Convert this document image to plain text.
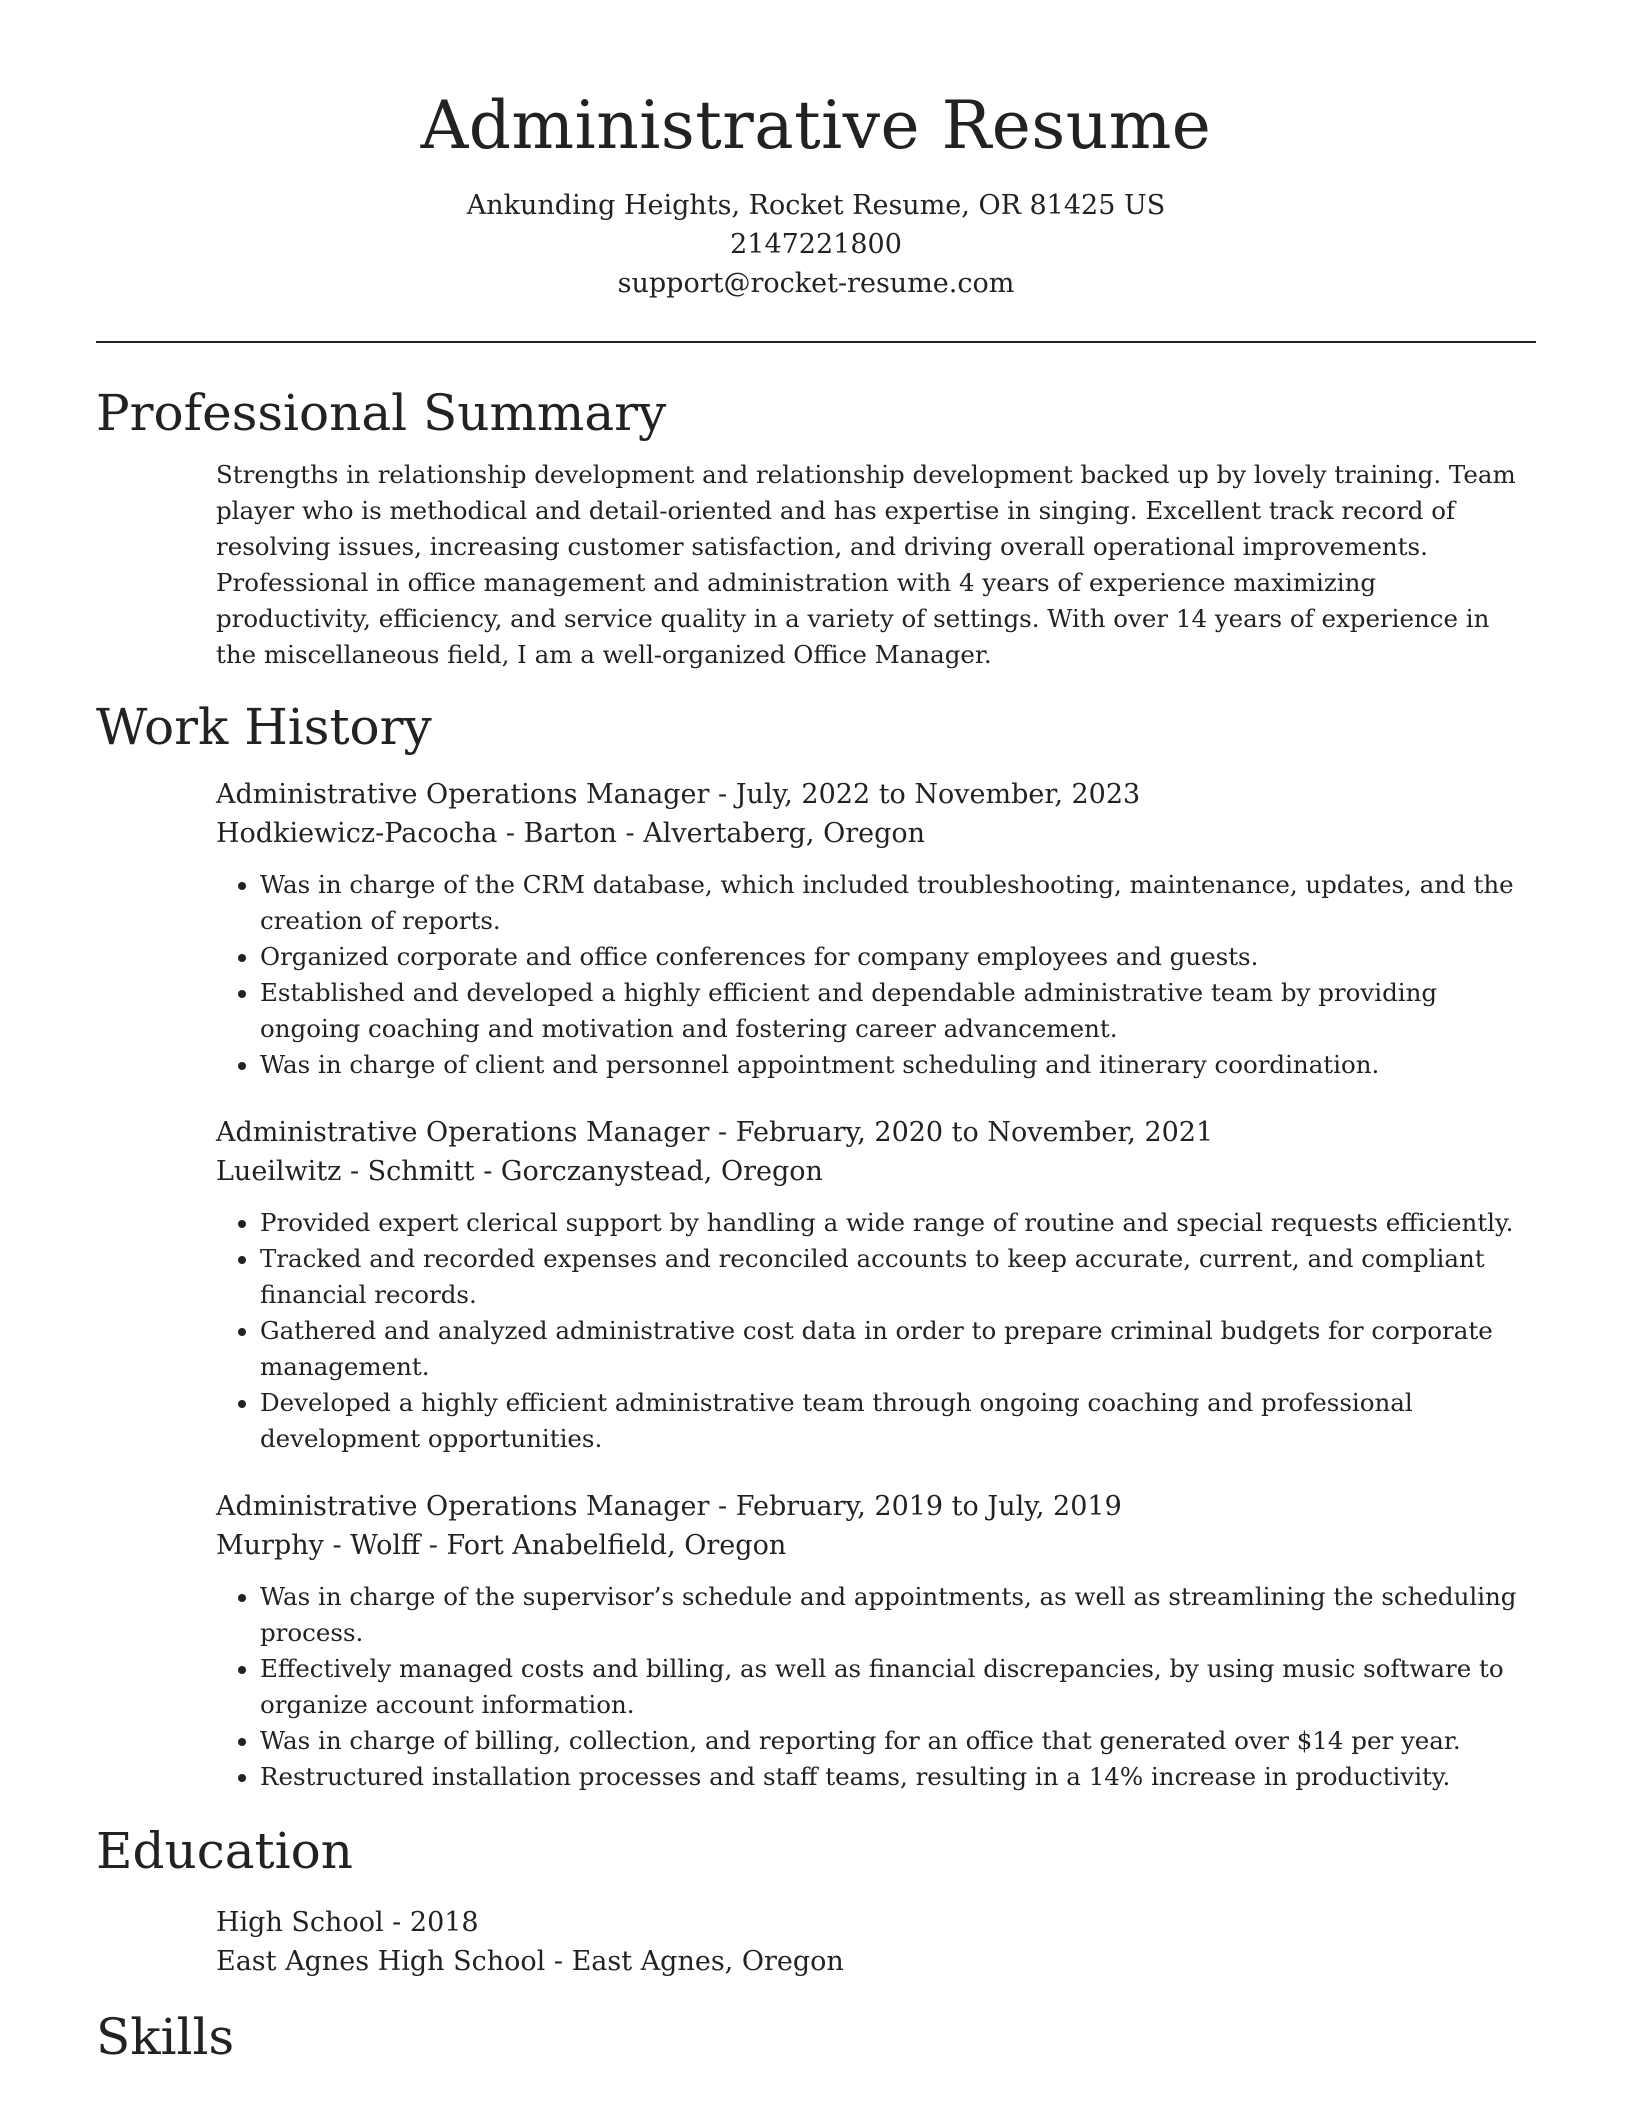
Administrative Resume
Ankunding Heights, Rocket Resume, OR 81425 US
2147221800
support@rocket-resume.com
Professional Summary
Strengths in relationship development and relationship development backed up by lovely training. Team player who is methodical and detail-oriented and has expertise in singing. Excellent track record of resolving issues, increasing customer satisfaction, and driving overall operational improvements. Professional in office management and administration with 4 years of experience maximizing productivity, efficiency, and service quality in a variety of settings. With over 14 years of experience in the miscellaneous field, I am a well-organized Office Manager.
Work History
Administrative Operations Manager - July, 2022 to November, 2023
Hodkiewicz-Pacocha - Barton - Alvertaberg, Oregon
• Was in charge of the CRM database, which included troubleshooting, maintenance, updates, and the creation of reports.
• Organized corporate and office conferences for company employees and guests.
• Established and developed a highly efficient and dependable administrative team by providing ongoing coaching and motivation and fostering career advancement.
• Was in charge of client and personnel appointment scheduling and itinerary coordination.
Administrative Operations Manager - February, 2020 to November, 2021
Lueilwitz - Schmitt - Gorczanystead, Oregon
• Provided expert clerical support by handling a wide range of routine and special requests efficiently.
• Tracked and recorded expenses and reconciled accounts to keep accurate, current, and compliant financial records.
• Gathered and analyzed administrative cost data in order to prepare criminal budgets for corporate management.
• Developed a highly efficient administrative team through ongoing coaching and professional development opportunities.
Administrative Operations Manager - February, 2019 to July, 2019
Murphy - Wolff - Fort Anabelfield, Oregon
• Was in charge of the supervisor’s schedule and appointments, as well as streamlining the scheduling process.
• Effectively managed costs and billing, as well as financial discrepancies, by using music software to organize account information.
• Was in charge of billing, collection, and reporting for an office that generated over $14 per year.
• Restructured installation processes and staff teams, resulting in a 14% increase in productivity.
Education
High School - 2018
East Agnes High School - East Agnes, Oregon
Skills
